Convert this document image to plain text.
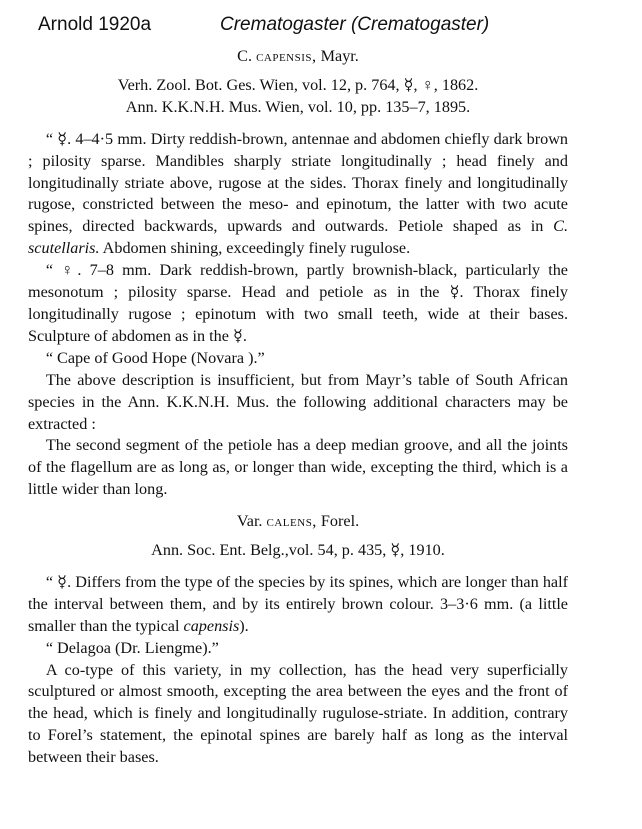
Arnold 1920a	Crematogaster (Crematogaster)
C. capensis, Mayr.
Verh. Zool. Bot. Ges. Wien, vol. 12, p. 764, ☿, ♀, 1862.
Ann. K.K.N.H. Mus. Wien, vol. 10, pp. 135–7, 1895.

“ ☿. 4–4·5 mm. Dirty reddish-brown, antennae and abdomen chiefly dark brown ; pilosity sparse. Mandibles sharply striate longitudinally ; head finely and longitudinally striate above, rugose at the sides. Thorax finely and longitudinally rugose, constricted between the meso- and epinotum, the latter with two acute spines, directed backwards, upwards and outwards. Petiole shaped as in C. scutellaris. Abdomen shining, exceedingly finely rugulose.

“ ♀. 7–8 mm. Dark reddish-brown, partly brownish-black, particularly the mesonotum ; pilosity sparse. Head and petiole as in the ☿. Thorax finely longitudinally rugose ; epinotum with two small teeth, wide at their bases. Sculpture of abdomen as in the ☿.

“ Cape of Good Hope (Novara ).”

The above description is insufficient, but from Mayr’s table of South African species in the Ann. K.K.N.H. Mus. the following additional characters may be extracted :

The second segment of the petiole has a deep median groove, and all the joints of the flagellum are as long as, or longer than wide, excepting the third, which is a little wider than long.

Var. calens, Forel.
Ann. Soc. Ent. Belg.,vol. 54, p. 435, ☿, 1910.

“ ☿. Differs from the type of the species by its spines, which are longer than half the interval between them, and by its entirely brown colour. 3–3·6 mm. (a little smaller than the typical capensis).

“ Delagoa (Dr. Liengme).”

A co-type of this variety, in my collection, has the head very superficially sculptured or almost smooth, excepting the area between the eyes and the front of the head, which is finely and longitudinally rugulose-striate. In addition, contrary to Forel’s statement, the epinotal spines are barely half as long as the interval between their bases.
